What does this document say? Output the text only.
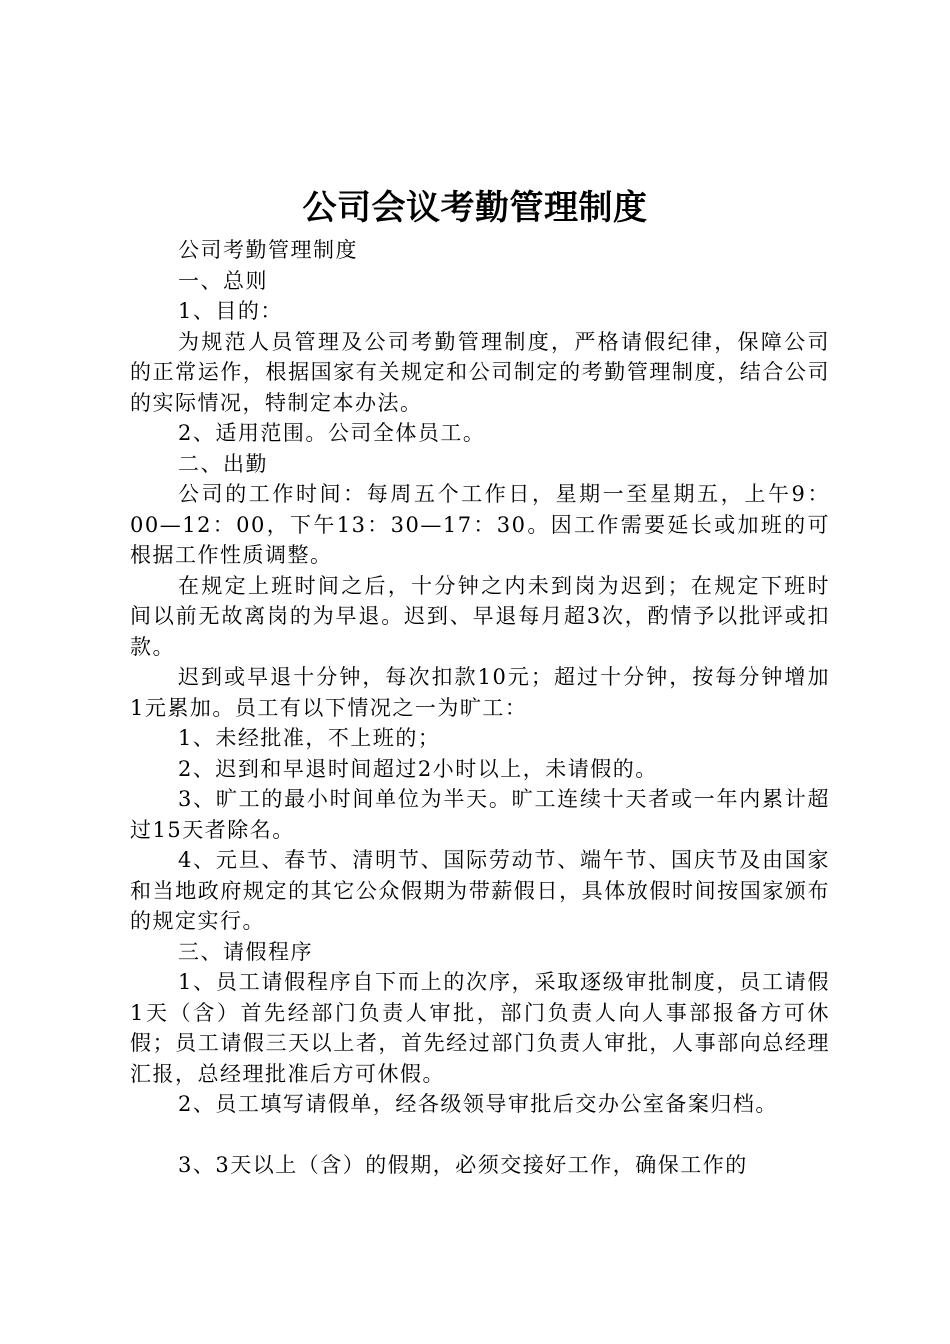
公司会议考勤管理制度

公司考勤管理制度

一、总则

1、目的：

为规范人员管理及公司考勤管理制度，严格请假纪律，保障公司的正常运作，根据国家有关规定和公司制定的考勤管理制度，结合公司的实际情况，特制定本办法。

2、适用范围。公司全体员工。

二、出勤

公司的工作时间：每周五个工作日，星期一至星期五，上午9：00—12：00，下午13：30—17：30。因工作需要延长或加班的可根据工作性质调整。

在规定上班时间之后，十分钟之内未到岗为迟到；在规定下班时间以前无故离岗的为早退。迟到、早退每月超3次，酌情予以批评或扣款。

迟到或早退十分钟，每次扣款10元；超过十分钟，按每分钟增加1元累加。员工有以下情况之一为旷工：

1、未经批准，不上班的；

2、迟到和早退时间超过2小时以上，未请假的。

3、旷工的最小时间单位为半天。旷工连续十天者或一年内累计超过15天者除名。

4、元旦、春节、清明节、国际劳动节、端午节、国庆节及由国家和当地政府规定的其它公众假期为带薪假日，具体放假时间按国家颁布的规定实行。

三、请假程序

1、员工请假程序自下而上的次序，采取逐级审批制度，员工请假1天（含）首先经部门负责人审批，部门负责人向人事部报备方可休假；员工请假三天以上者，首先经过部门负责人审批，人事部向总经理汇报，总经理批准后方可休假。

2、员工填写请假单，经各级领导审批后交办公室备案归档。

3、3天以上（含）的假期，必须交接好工作，确保工作的
